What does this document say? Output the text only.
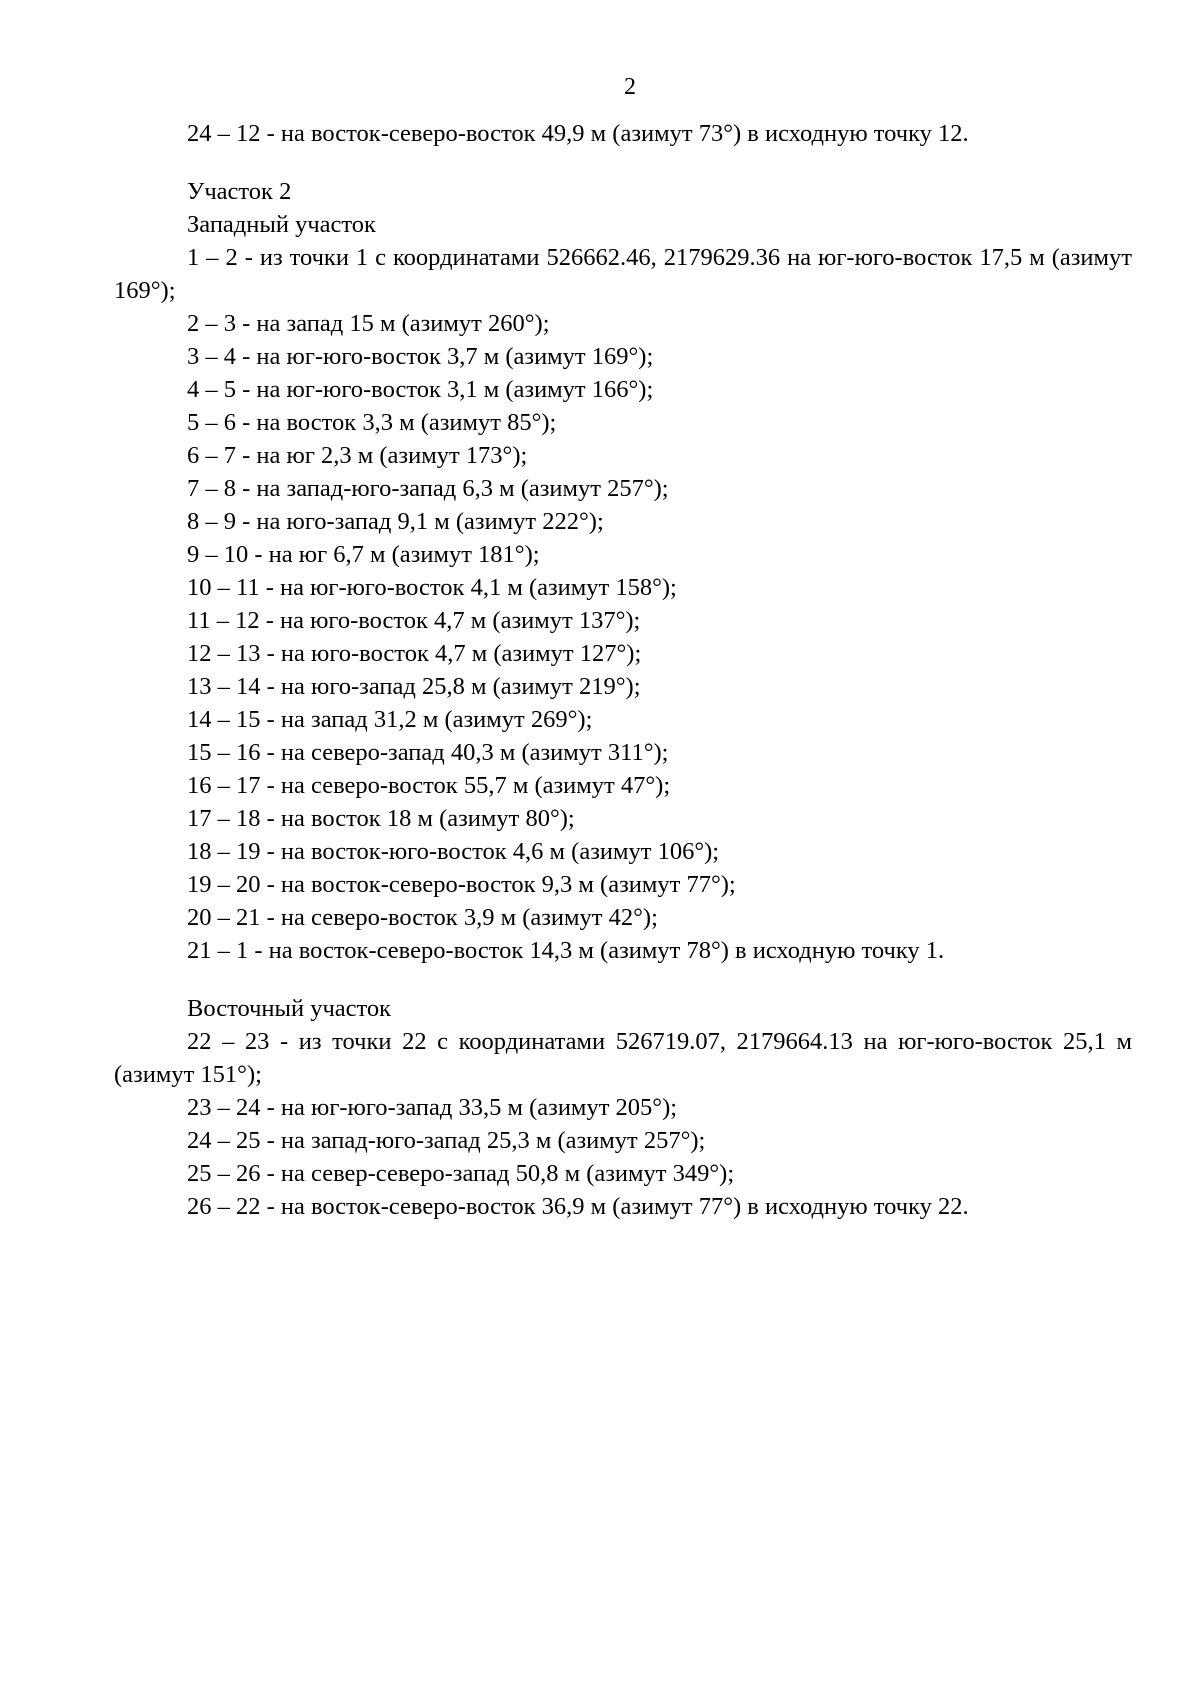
2

24 – 12 - на восток-северо-восток 49,9 м (азимут 73°) в исходную точку 12.

Участок 2

Западный участок

1 – 2 - из точки 1 с координатами 526662.46, 2179629.36 на юг-юго-восток 17,5 м (азимут 169°);

2 – 3 - на запад 15 м (азимут 260°);

3 – 4 - на юг-юго-восток 3,7 м (азимут 169°);

4 – 5 - на юг-юго-восток 3,1 м (азимут 166°);

5 – 6 - на восток 3,3 м (азимут 85°);

6 – 7 - на юг 2,3 м (азимут 173°);

7 – 8 - на запад-юго-запад 6,3 м (азимут 257°);

8 – 9 - на юго-запад 9,1 м (азимут 222°);

9 – 10 - на юг 6,7 м (азимут 181°);

10 – 11 - на юг-юго-восток 4,1 м (азимут 158°);

11 – 12 - на юго-восток 4,7 м (азимут 137°);

12 – 13 - на юго-восток 4,7 м (азимут 127°);

13 – 14 - на юго-запад 25,8 м (азимут 219°);

14 – 15 - на запад 31,2 м (азимут 269°);

15 – 16 - на северо-запад 40,3 м (азимут 311°);

16 – 17 - на северо-восток 55,7 м (азимут 47°);

17 – 18 - на восток 18 м (азимут 80°);

18 – 19 - на восток-юго-восток 4,6 м (азимут 106°);

19 – 20 - на восток-северо-восток 9,3 м (азимут 77°);

20 – 21 - на северо-восток 3,9 м (азимут 42°);

21 – 1 - на восток-северо-восток 14,3 м (азимут 78°) в исходную точку 1.

Восточный участок

22 – 23 - из точки 22 с координатами 526719.07, 2179664.13 на юг-юго-восток 25,1 м (азимут 151°);

23 – 24 - на юг-юго-запад 33,5 м (азимут 205°);

24 – 25 - на запад-юго-запад 25,3 м (азимут 257°);

25 – 26 - на север-северо-запад 50,8 м (азимут 349°);

26 – 22 - на восток-северо-восток 36,9 м (азимут 77°) в исходную точку 22.
